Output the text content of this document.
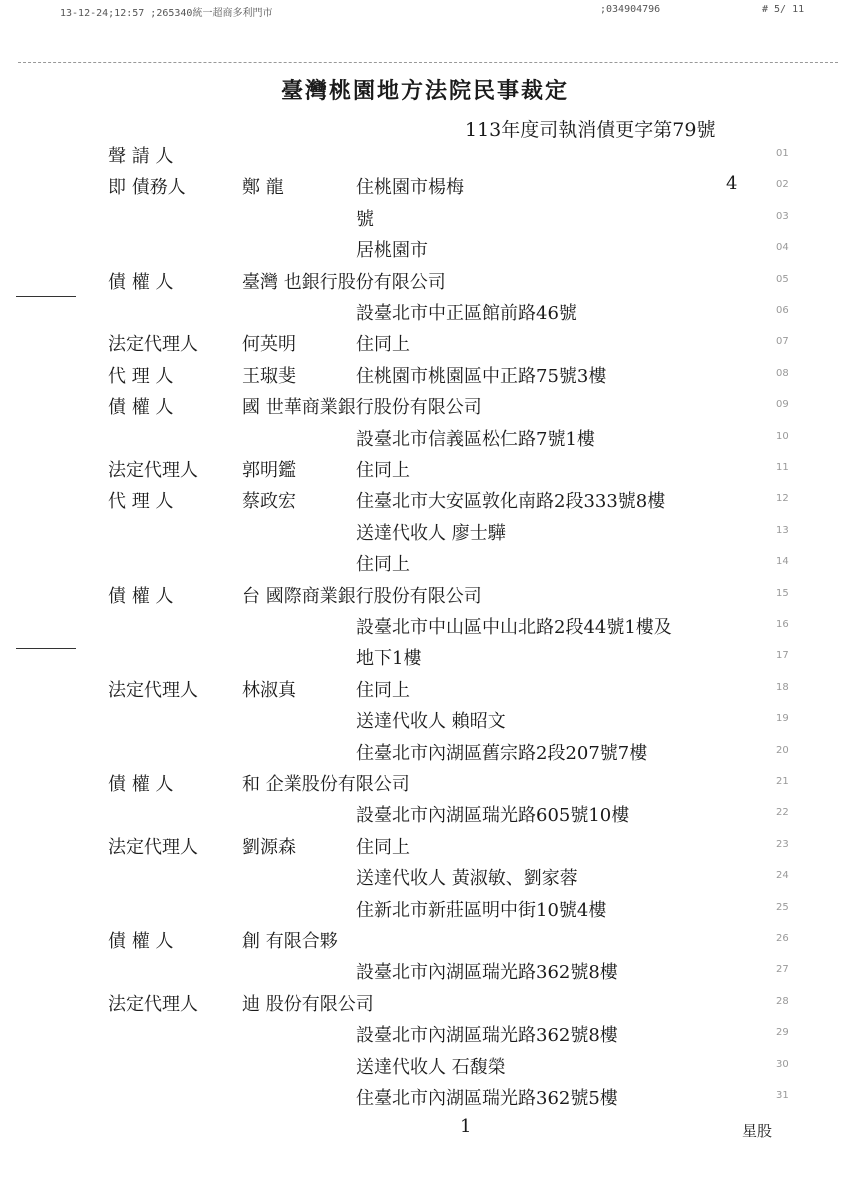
13-12-24;12:57 ;265340統一超商多利門市	;034904796	# 5/ 11
臺灣桃園地方法院民事裁定
113年度司執消債更字第79號
聲 請 人	01
即 債務人	鄭 龍	住桃園市楊梅	4	02
號	03
居桃園市	04
債 權 人	臺灣 也銀行股份有限公司	05
設臺北市中正區館前路46號	06
法定代理人 何英明	住同上	07
代 理 人	王琡斐	住桃園市桃園區中正路75號3樓	08
債 權 人	國 世華商業銀行股份有限公司	09
設臺北市信義區松仁路7號1樓	10
法定代理人 郭明鑑	住同上	11
代 理 人	蔡政宏	住臺北市大安區敦化南路2段333號8樓	12
送達代收人 廖士驊	13
住同上	14
債 權 人	台 國際商業銀行股份有限公司	15
設臺北市中山區中山北路2段44號1樓及	16
地下1樓	17
法定代理人 林淑真	住同上	18
送達代收人 賴昭文	19
住臺北市內湖區舊宗路2段207號7樓	20
債 權 人	和 企業股份有限公司	21
設臺北市內湖區瑞光路605號10樓	22
法定代理人 劉源森	住同上	23
送達代收人 黃淑敏、劉家蓉	24
住新北市新莊區明中街10號4樓	25
債 權 人	創 有限合夥	26
設臺北市內湖區瑞光路362號8樓	27
法定代理人 迪 股份有限公司	28
設臺北市內湖區瑞光路362號8樓	29
送達代收人 石馥榮	30
住臺北市內湖區瑞光路362號5樓	31
1	星股
